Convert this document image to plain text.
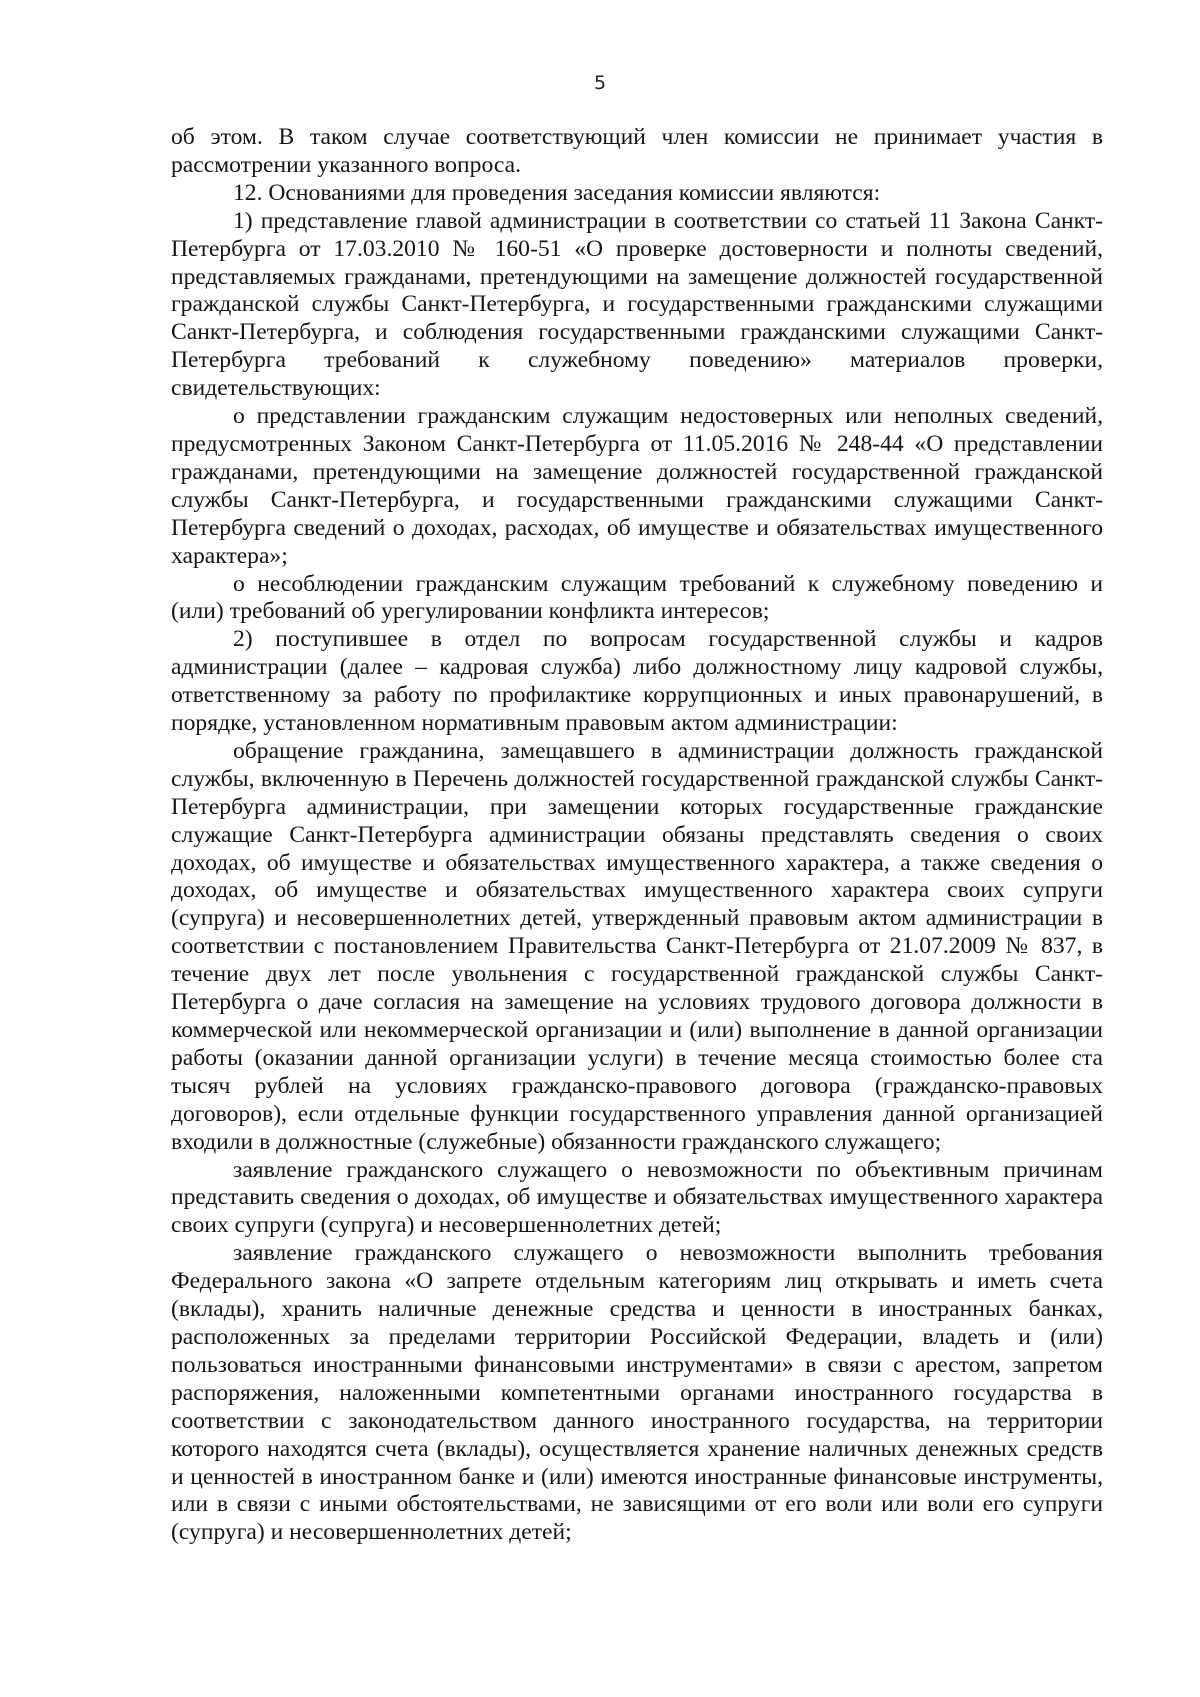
5

об этом. В таком случае соответствующий член комиссии не принимает участия в рассмотрении указанного вопроса.

12. Основаниями для проведения заседания комиссии являются:

1) представление главой администрации в соответствии со статьей 11 Закона Санкт-Петербурга от 17.03.2010 № 160-51 «О проверке достоверности и полноты сведений, представляемых гражданами, претендующими на замещение должностей государственной гражданской службы Санкт-Петербурга, и государственными гражданскими служащими Санкт-Петербурга, и соблюдения государственными гражданскими служащими Санкт-Петербурга требований к служебному поведению» материалов проверки, свидетельствующих:

о представлении гражданским служащим недостоверных или неполных сведений, предусмотренных Законом Санкт-Петербурга от 11.05.2016 № 248-44 «О представлении гражданами, претендующими на замещение должностей государственной гражданской службы Санкт-Петербурга, и государственными гражданскими служащими Санкт-Петербурга сведений о доходах, расходах, об имуществе и обязательствах имущественного характера»;

о несоблюдении гражданским служащим требований к служебному поведению и (или) требований об урегулировании конфликта интересов;

2) поступившее в отдел по вопросам государственной службы и кадров администрации (далее – кадровая служба) либо должностному лицу кадровой службы, ответственному за работу по профилактике коррупционных и иных правонарушений, в порядке, установленном нормативным правовым актом администрации:

обращение гражданина, замещавшего в администрации должность гражданской службы, включенную в Перечень должностей государственной гражданской службы Санкт-Петербурга администрации, при замещении которых государственные гражданские служащие Санкт-Петербурга администрации обязаны представлять сведения о своих доходах, об имуществе и обязательствах имущественного характера, а также сведения о доходах, об имуществе и обязательствах имущественного характера своих супруги (супруга) и несовершеннолетних детей, утвержденный правовым актом администрации в соответствии с постановлением Правительства Санкт-Петербурга от 21.07.2009 № 837, в течение двух лет после увольнения с государственной гражданской службы Санкт-Петербурга о даче согласия на замещение на условиях трудового договора должности в коммерческой или некоммерческой организации и (или) выполнение в данной организации работы (оказании данной организации услуги) в течение месяца стоимостью более ста тысяч рублей на условиях гражданско-правового договора (гражданско-правовых договоров), если отдельные функции государственного управления данной организацией входили в должностные (служебные) обязанности гражданского служащего;

заявление гражданского служащего о невозможности по объективным причинам представить сведения о доходах, об имуществе и обязательствах имущественного характера своих супруги (супруга) и несовершеннолетних детей;

заявление гражданского служащего о невозможности выполнить требования Федерального закона «О запрете отдельным категориям лиц открывать и иметь счета (вклады), хранить наличные денежные средства и ценности в иностранных банках, расположенных за пределами территории Российской Федерации, владеть и (или) пользоваться иностранными финансовыми инструментами» в связи с арестом, запретом распоряжения, наложенными компетентными органами иностранного государства в соответствии с законодательством данного иностранного государства, на территории которого находятся счета (вклады), осуществляется хранение наличных денежных средств и ценностей в иностранном банке и (или) имеются иностранные финансовые инструменты, или в связи с иными обстоятельствами, не зависящими от его воли или воли его супруги (супруга) и несовершеннолетних детей;
